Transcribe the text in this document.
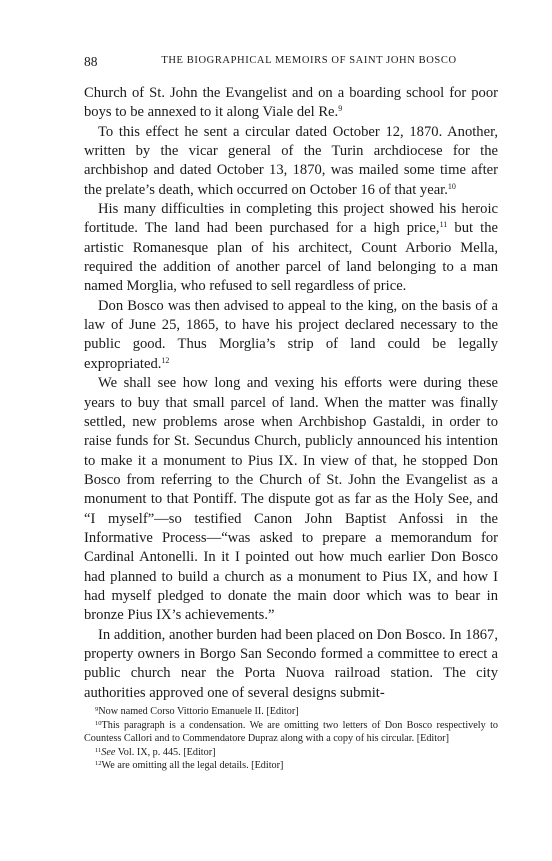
88	THE BIOGRAPHICAL MEMOIRS OF SAINT JOHN BOSCO

Church of St. John the Evangelist and on a boarding school for poor boys to be annexed to it along Viale del Re.$^9$

To this effect he sent a circular dated October 12, 1870. Another, written by the vicar general of the Turin archdiocese for the archbishop and dated October 13, 1870, was mailed some time after the prelate’s death, which occurred on October 16 of that year.$^{10}$

His many difficulties in completing this project showed his heroic fortitude. The land had been purchased for a high price,$^{11}$ but the artistic Romanesque plan of his architect, Count Arborio Mella, required the addition of another parcel of land belonging to a man named Morglia, who refused to sell regardless of price.

Don Bosco was then advised to appeal to the king, on the basis of a law of June 25, 1865, to have his project declared necessary to the public good. Thus Morglia’s strip of land could be legally expropriated.$^{12}$

We shall see how long and vexing his efforts were during these years to buy that small parcel of land. When the matter was finally settled, new problems arose when Archbishop Gastaldi, in order to raise funds for St. Secundus Church, publicly announced his intention to make it a monument to Pius IX. In view of that, he stopped Don Bosco from referring to the Church of St. John the Evangelist as a monument to that Pontiff. The dispute got as far as the Holy See, and “I myself”—so testified Canon John Baptist Anfossi in the Informative Process—“was asked to prepare a memorandum for Cardinal Antonelli. In it I pointed out how much earlier Don Bosco had planned to build a church as a monument to Pius IX, and how I had myself pledged to donate the main door which was to bear in bronze Pius IX’s achievements.”

In addition, another burden had been placed on Don Bosco. In 1867, property owners in Borgo San Secondo formed a committee to erect a public church near the Porta Nuova railroad station. The city authorities approved one of several designs submit-

$^9$Now named Corso Vittorio Emanuele II. [Editor]

$^{10}$This paragraph is a condensation. We are omitting two letters of Don Bosco respectively to Countess Callori and to Commendatore Dupraz along with a copy of his circular. [Editor]

$^{11}$See Vol. IX, p. 445. [Editor]

$^{12}$We are omitting all the legal details. [Editor]
